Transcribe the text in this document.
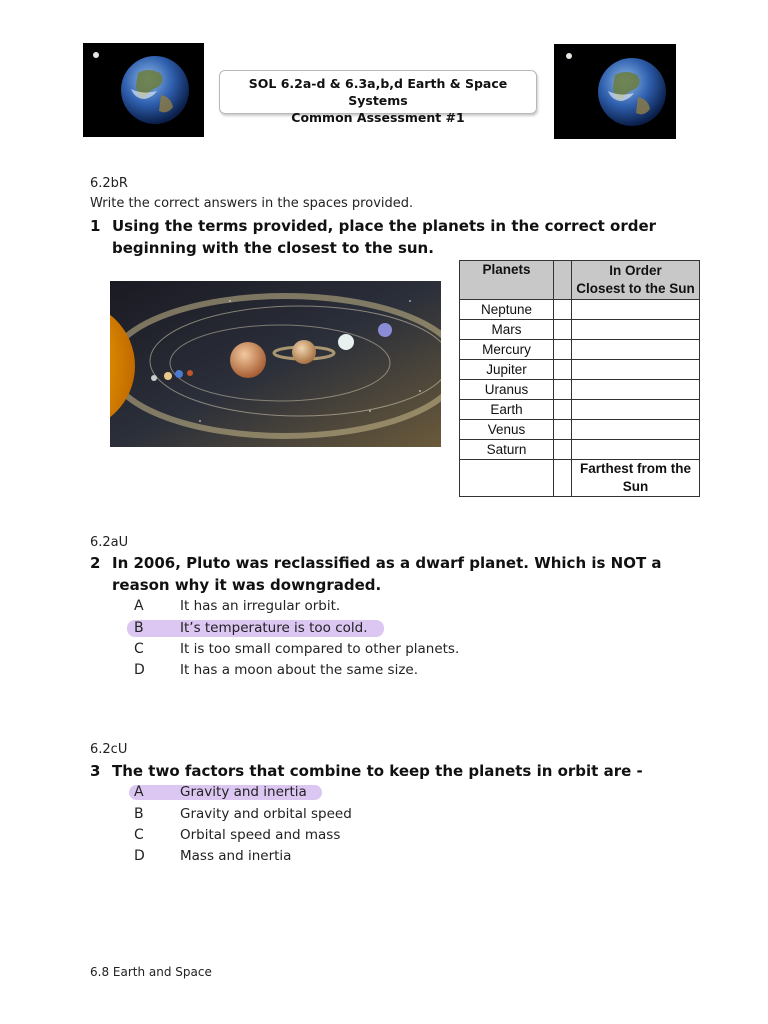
SOL 6.2a-d & 6.3a,b,d Earth & Space Systems
Common Assessment #1
6.2bR
Write the correct answers in the spaces provided.
1 Using the terms provided, place the planets in the correct order beginning with the closest to the sun.
Planets		In Order
Closest to the Sun

Neptune		
Mars		
Mercury		
Jupiter		
Uranus		
Earth		
Venus		
Saturn		

		Farthest from the
Sun
6.2aU
2 In 2006, Pluto was reclassified as a dwarf planet. Which is NOT a reason why it was downgraded.
A	It has an irregular orbit.
B	It’s temperature is too cold.
C	It is too small compared to other planets.
D	It has a moon about the same size.
6.2cU
3 The two factors that combine to keep the planets in orbit are -
A	Gravity and inertia
B	Gravity and orbital speed
C	Orbital speed and mass
D	Mass and inertia
6.8 Earth and Space
